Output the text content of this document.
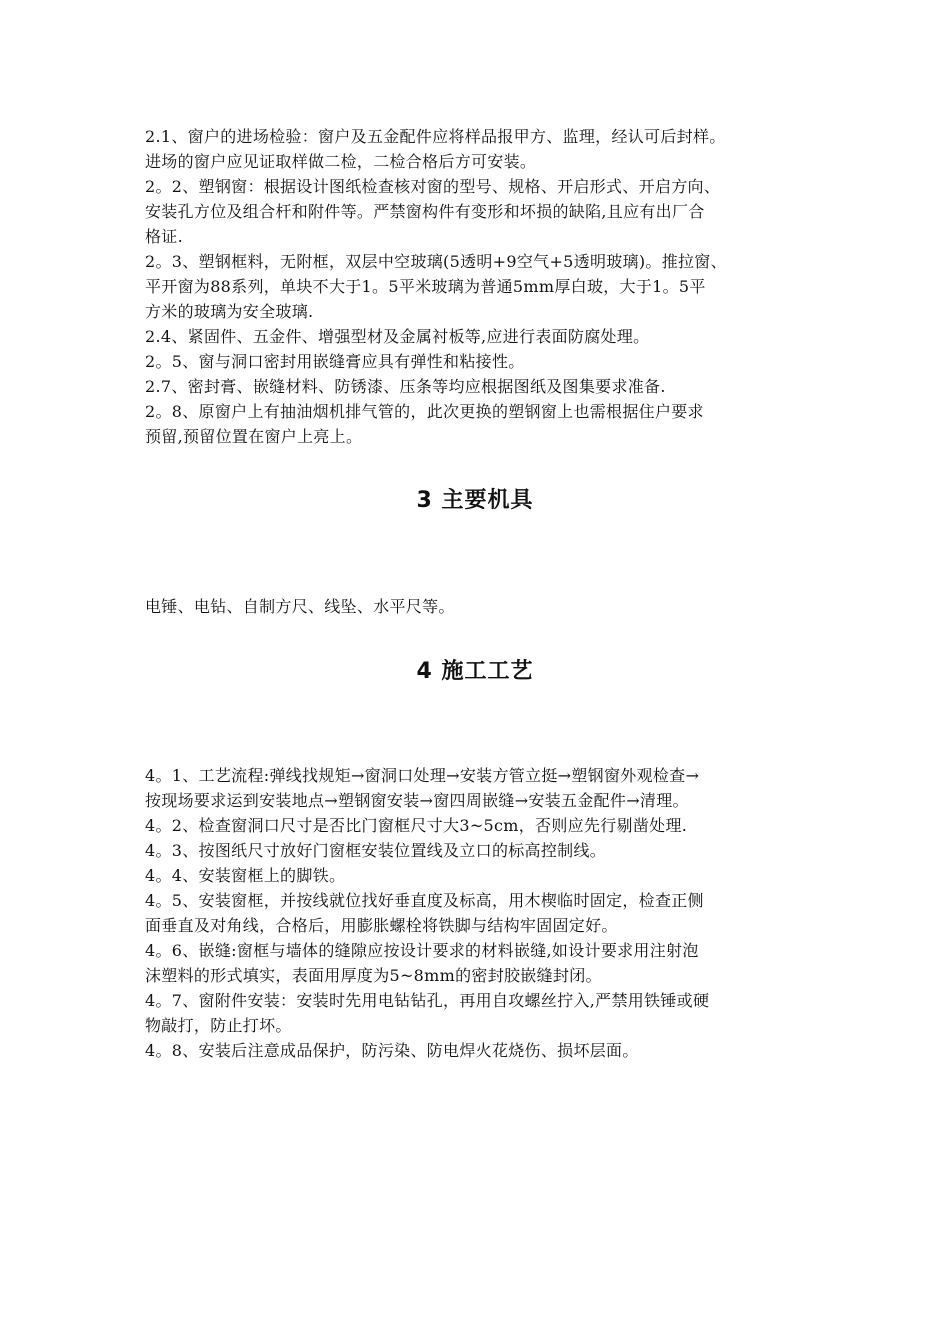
2.1、窗户的进场检验：窗户及五金配件应将样品报甲方、监理，经认可后封样。
进场的窗户应见证取样做二检，二检合格后方可安装。
2。2、塑钢窗：根据设计图纸检查核对窗的型号、规格、开启形式、开启方向、
安装孔方位及组合杆和附件等。严禁窗构件有变形和坏损的缺陷,且应有出厂合
格证.
2。3、塑钢框料，无附框，双层中空玻璃(5透明+9空气+5透明玻璃)。推拉窗、
平开窗为88系列，单块不大于1。5平米玻璃为普通5mm厚白玻，大于1。5平
方米的玻璃为安全玻璃.
2.4、紧固件、五金件、增强型材及金属衬板等,应进行表面防腐处理。
2。5、窗与洞口密封用嵌缝膏应具有弹性和粘接性。
2.7、密封膏、嵌缝材料、防锈漆、压条等均应根据图纸及图集要求准备.
2。8、原窗户上有抽油烟机排气管的，此次更换的塑钢窗上也需根据住户要求
预留,预留位置在窗户上亮上。
3 主要机具
电锤、电钻、自制方尺、线坠、水平尺等。
4 施工工艺
4。1、工艺流程:弹线找规矩→窗洞口处理→安装方管立挺→塑钢窗外观检查→
按现场要求运到安装地点→塑钢窗安装→窗四周嵌缝→安装五金配件→清理。
4。2、检查窗洞口尺寸是否比门窗框尺寸大3~5cm，否则应先行剔凿处理.
4。3、按图纸尺寸放好门窗框安装位置线及立口的标高控制线。
4。4、安装窗框上的脚铁。
4。5、安装窗框，并按线就位找好垂直度及标高，用木楔临时固定，检查正侧
面垂直及对角线，合格后，用膨胀螺栓将铁脚与结构牢固固定好。
4。6、嵌缝:窗框与墙体的缝隙应按设计要求的材料嵌缝,如设计要求用注射泡
沫塑料的形式填实，表面用厚度为5~8mm的密封胶嵌缝封闭。
4。7、窗附件安装：安装时先用电钻钻孔，再用自攻螺丝拧入,严禁用铁锤或硬
物敲打，防止打坏。
4。8、安装后注意成品保护，防污染、防电焊火花烧伤、损坏层面。
